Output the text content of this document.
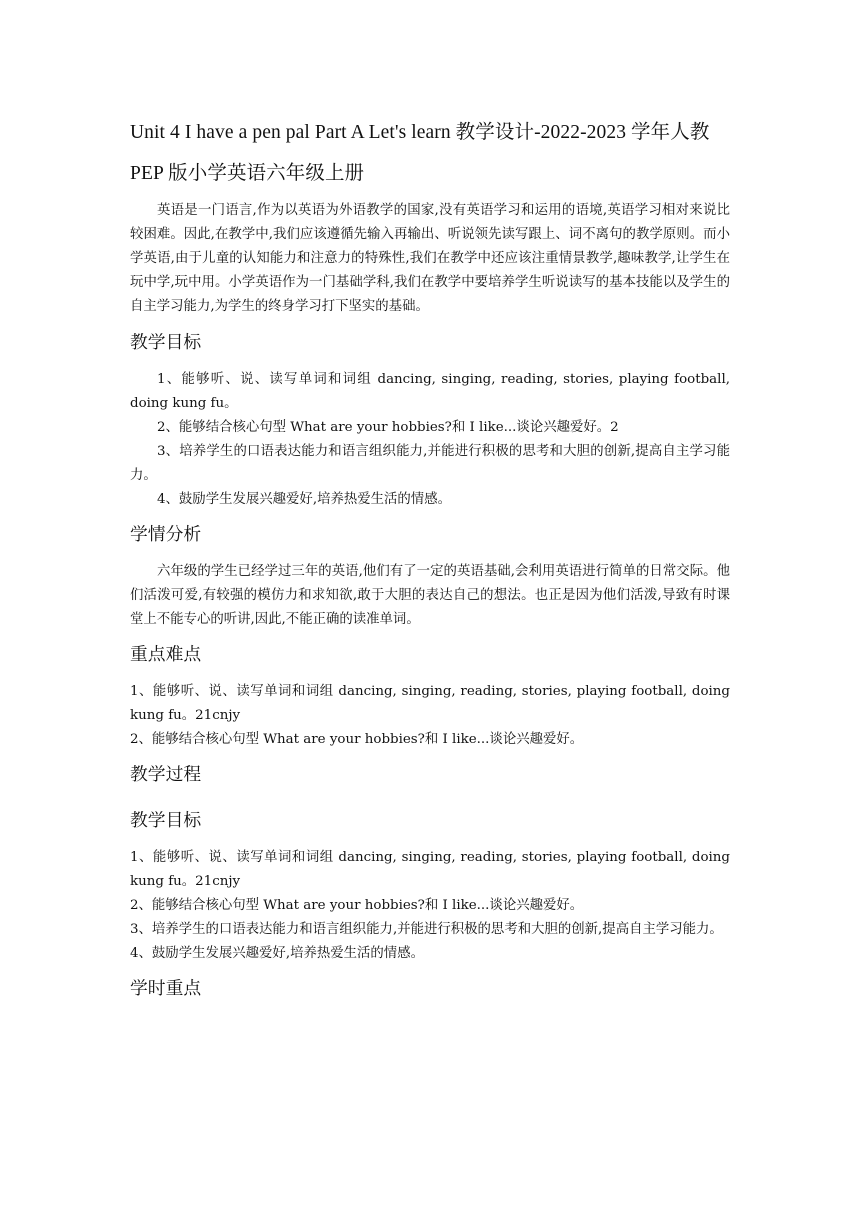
Unit 4 I have a pen pal Part A Let's learn 教学设计-2022-2023 学年人教
PEP 版小学英语六年级上册

英语是一门语言,作为以英语为外语教学的国家,没有英语学习和运用的语境,英语学习相对来说比较困难。因此,在教学中,我们应该遵循先输入再输出、听说领先读写跟上、词不离句的教学原则。而小学英语,由于儿童的认知能力和注意力的特殊性,我们在教学中还应该注重情景教学,趣味教学,让学生在玩中学,玩中用。小学英语作为一门基础学科,我们在教学中要培养学生听说读写的基本技能以及学生的自主学习能力,为学生的终身学习打下坚实的基础。

教学目标

1、能够听、说、读写单词和词组 dancing, singing, reading, stories, playing football, doing kung fu。

2、能够结合核心句型 What are your hobbies?和 I like...谈论兴趣爱好。2

3、培养学生的口语表达能力和语言组织能力,并能进行积极的思考和大胆的创新,提高自主学习能力。

4、鼓励学生发展兴趣爱好,培养热爱生活的情感。

学情分析

六年级的学生已经学过三年的英语,他们有了一定的英语基础,会利用英语进行简单的日常交际。他们活泼可爱,有较强的模仿力和求知欲,敢于大胆的表达自己的想法。也正是因为他们活泼,导致有时课堂上不能专心的听讲,因此,不能正确的读准单词。

重点难点

1、能够听、说、读写单词和词组 dancing, singing, reading, stories, playing football, doing kung fu。21cnjy

2、能够结合核心句型 What are your hobbies?和 I like...谈论兴趣爱好。

教学过程
教学目标

1、能够听、说、读写单词和词组 dancing, singing, reading, stories, playing football, doing kung fu。21cnjy

2、能够结合核心句型 What are your hobbies?和 I like...谈论兴趣爱好。

3、培养学生的口语表达能力和语言组织能力,并能进行积极的思考和大胆的创新,提高自主学习能力。

4、鼓励学生发展兴趣爱好,培养热爱生活的情感。

学时重点
